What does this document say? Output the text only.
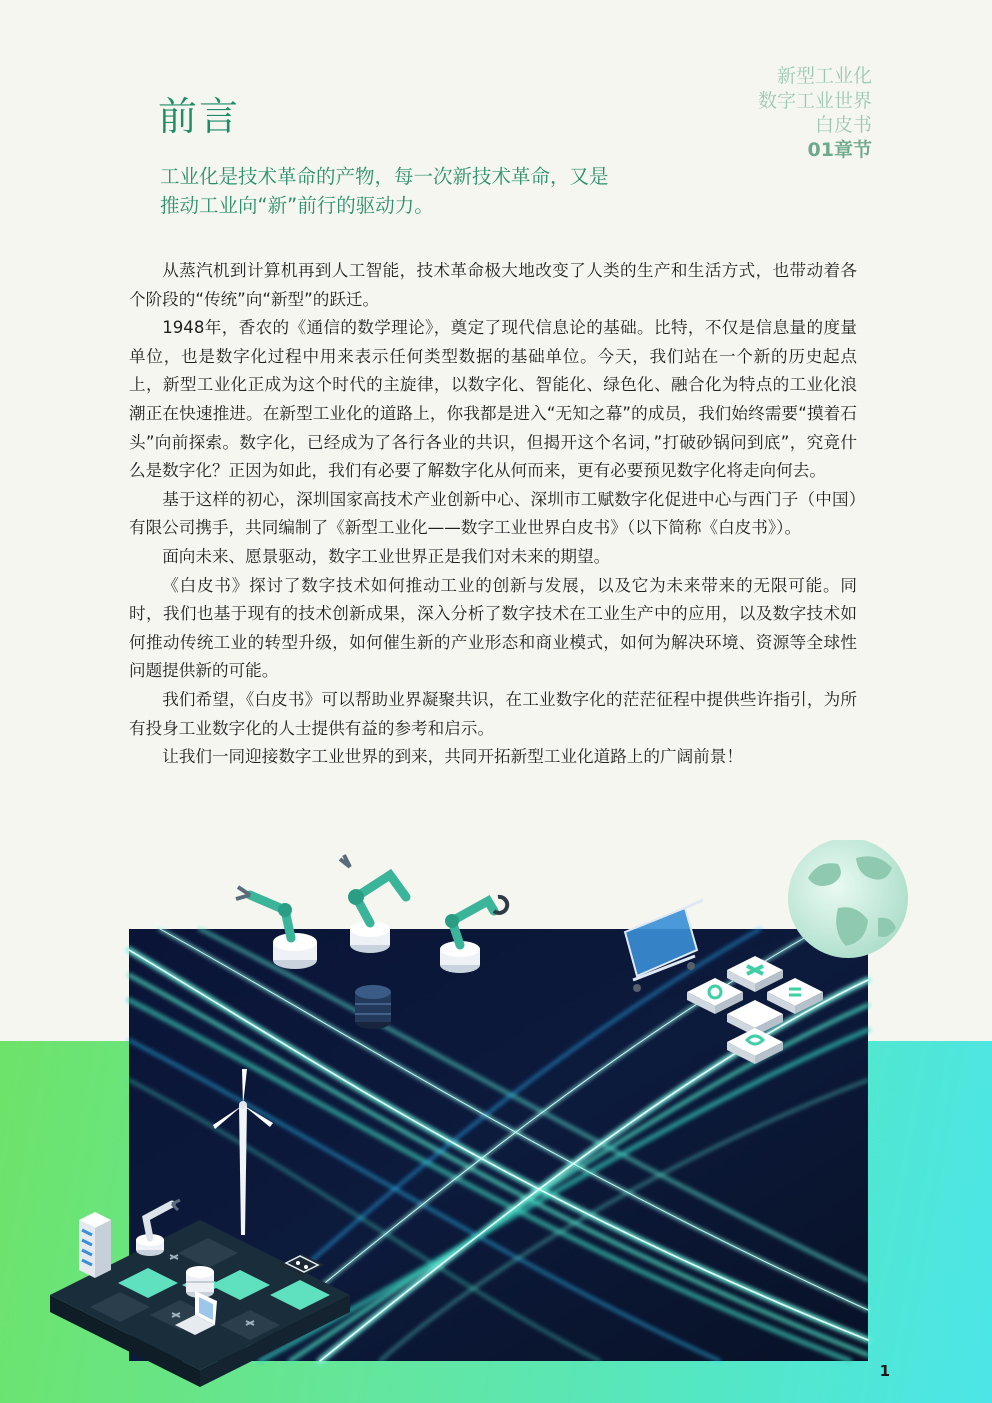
新型工业化
数字工业世界
白皮书
01章节
前言
工业化是技术革命的产物，每一次新技术革命，又是
推动工业向“新”前行的驱动力。

从蒸汽机到计算机再到人工智能，技术革命极大地改变了人类的生产和生活方式，也带动着各个阶段的“传统”向“新型”的跃迁。

1948年，香农的《通信的数学理论》，奠定了现代信息论的基础。比特，不仅是信息量的度量单位，也是数字化过程中用来表示任何类型数据的基础单位。今天，我们站在一个新的历史起点上，新型工业化正成为这个时代的主旋律，以数字化、智能化、绿色化、融合化为特点的工业化浪潮正在快速推进。在新型工业化的道路上，你我都是进入“无知之幕”的成员，我们始终需要“摸着石头”向前探索。数字化，已经成为了各行各业的共识，但揭开这个名词，”打破砂锅问到底”，究竟什么是数字化？正因为如此，我们有必要了解数字化从何而来，更有必要预见数字化将走向何去。

基于这样的初心，深圳国家高技术产业创新中心、深圳市工赋数字化促进中心与西门子（中国）有限公司携手，共同编制了《新型工业化——数字工业世界白皮书》（以下简称《白皮书》）。

面向未来、愿景驱动，数字工业世界正是我们对未来的期望。

《白皮书》探讨了数字技术如何推动工业的创新与发展，以及它为未来带来的无限可能。同时，我们也基于现有的技术创新成果，深入分析了数字技术在工业生产中的应用，以及数字技术如何推动传统工业的转型升级，如何催生新的产业形态和商业模式，如何为解决环境、资源等全球性问题提供新的可能。

我们希望，《白皮书》可以帮助业界凝聚共识，在工业数字化的茫茫征程中提供些许指引，为所有投身工业数字化的人士提供有益的参考和启示。

让我们一同迎接数字工业世界的到来，共同开拓新型工业化道路上的广阔前景！

1
